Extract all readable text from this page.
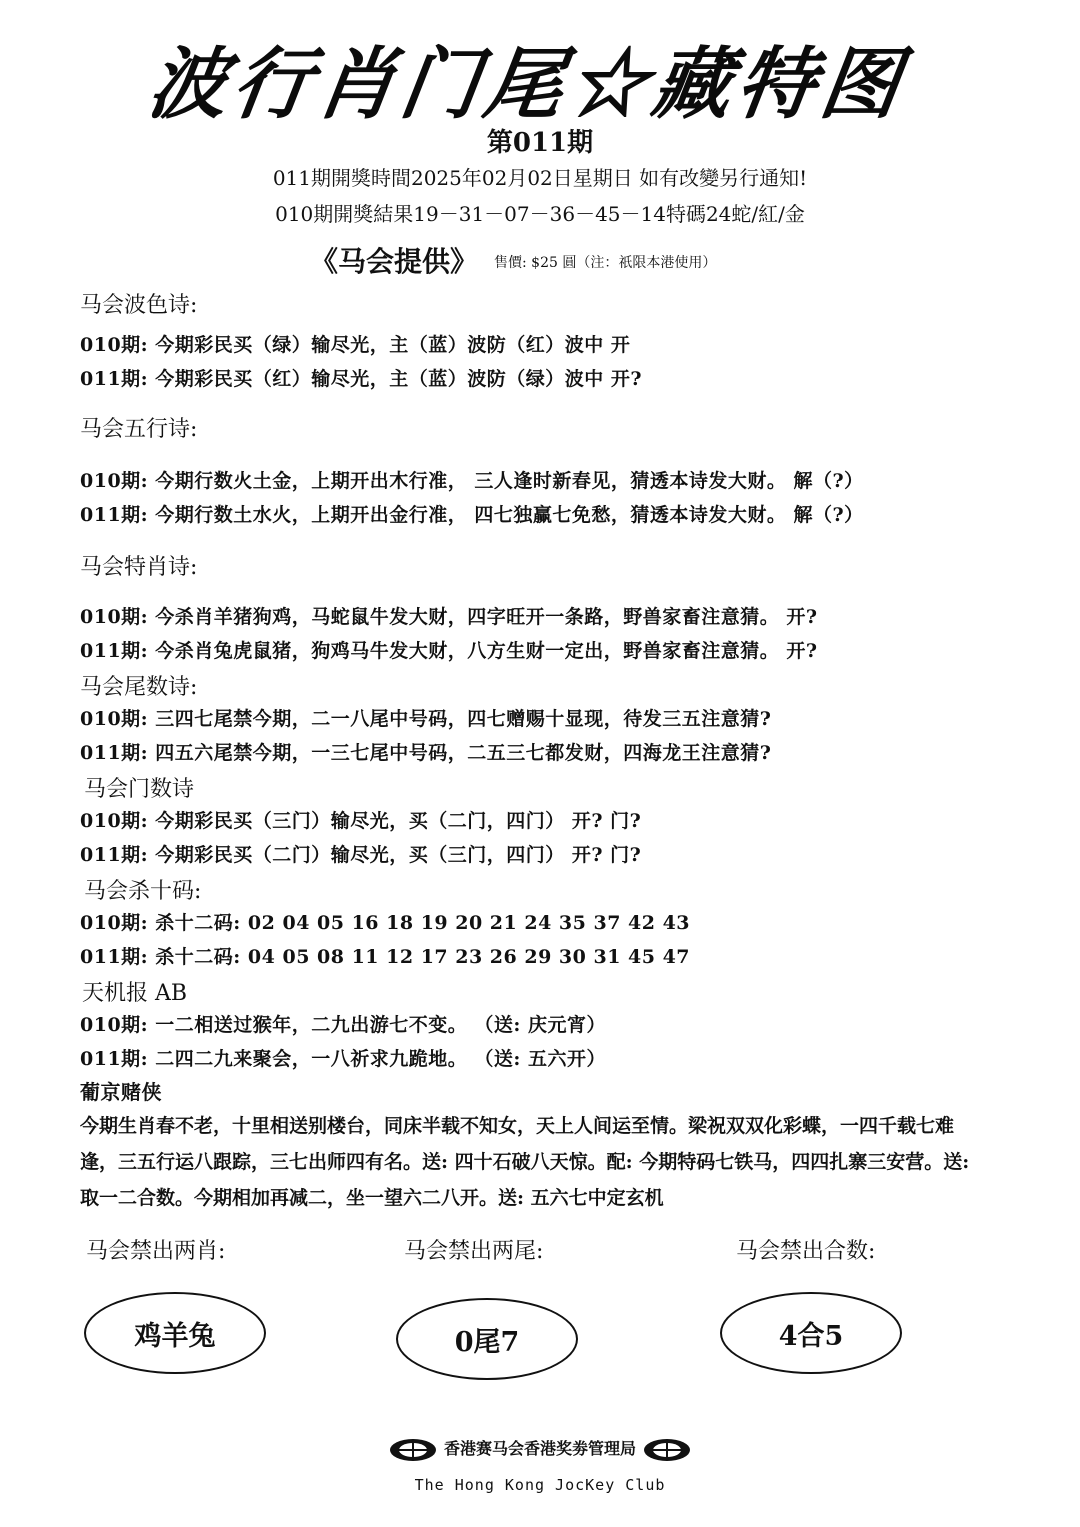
波行肖门尾☆藏特图
第011期
011期開獎時間2025年02月02日星期日 如有改變另行通知!
010期開獎結果19－31－07－36－45－14特碼24蛇/紅/金
《马会提供》 售價: $25 圓（注：祇限本港使用）
马会波色诗:
010期: 今期彩民买（绿）输尽光，主（蓝）波防（红）波中 开
011期: 今期彩民买（红）输尽光，主（蓝）波防（绿）波中 开?
马会五行诗:
010期: 今期行数火土金，上期开出木行准， 三人逢时新春见，猜透本诗发大财。 解（?）
011期: 今期行数土水火，上期开出金行准， 四七独赢七免愁，猜透本诗发大财。 解（?）
马会特肖诗:
010期: 今杀肖羊猪狗鸡，马蛇鼠牛发大财，四字旺开一条路，野兽家畜注意猜。 开?
011期: 今杀肖兔虎鼠猪，狗鸡马牛发大财，八方生财一定出，野兽家畜注意猜。 开?
马会尾数诗:
010期: 三四七尾禁今期，二一八尾中号码，四七赠赐十显现，待发三五注意猜?
011期: 四五六尾禁今期，一三七尾中号码，二五三七都发财，四海龙王注意猜?
马会门数诗
010期: 今期彩民买（三门）输尽光，买（二门，四门） 开? 门?
011期: 今期彩民买（二门）输尽光，买（三门，四门） 开? 门?
马会杀十码:
010期: 杀十二码: 02 04 05 16 18 19 20 21 24 35 37 42 43
011期: 杀十二码: 04 05 08 11 12 17 23 26 29 30 31 45 47
天机报 AB
010期: 一二相送过猴年，二九出游七不变。 （送: 庆元宵）
011期: 二四二九来聚会，一八祈求九跪地。 （送: 五六开）
葡京赌侠
今期生肖春不老，十里相送别楼台，同床半载不知女，天上人间运至情。梁祝双双化彩蝶，一四千载七难逢，三五行运八跟踪，三七出师四有名。送: 四十石破八天惊。配: 今期特码七铁马，四四扎寨三安营。送: 取一二合数。今期相加再减二，坐一望六二八开。送: 五六七中定玄机
马会禁出两肖:	马会禁出两尾:	马会禁出合数:
鸡羊兔	0尾7	4合5
香港赛马会香港奖劵管理局
The Hong Kong JocKey Club
